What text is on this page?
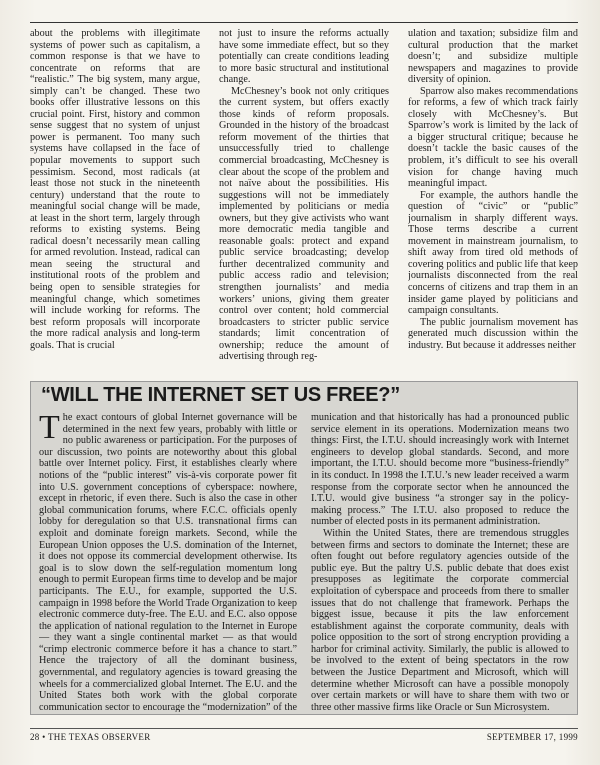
about the problems with illegitimate systems of power such as capitalism, a common response is that we have to concentrate on reforms that are “realistic.” The big system, many argue, simply can’t be changed. These two books offer illustrative lessons on this crucial point. First, history and common sense suggest that no system of unjust power is permanent. Too many such systems have collapsed in the face of popular movements to support such pessimism. Second, most radicals (at least those not stuck in the nineteenth century) understand that the route to meaningful social change will be made, at least in the short term, largely through reforms to existing systems. Being radical doesn’t necessarily mean calling for armed revolution. Instead, radical can mean seeing the structural and institutional roots of the problem and being open to sensible strategies for meaningful change, which sometimes will include working for reforms. The best reform proposals will incorporate the more radical analysis and long-term goals. That is crucial

not just to insure the reforms actually have some immediate effect, but so they potentially can create conditions leading to more basic structural and institutional change.

McChesney’s book not only critiques the current system, but offers exactly those kinds of reform proposals. Grounded in the history of the broadcast reform movement of the thirties that unsuccessfully tried to challenge commercial broadcasting, McChesney is clear about the scope of the problem and not naïve about the possibilities. His suggestions will not be immediately implemented by politicians or media owners, but they give activists who want more democratic media tangible and reasonable goals: protect and expand public service broadcasting; develop further decentralized community and public access radio and television; strengthen journalists’ and media workers’ unions, giving them greater control over content; hold commercial broadcasters to stricter public service standards; limit concentration of ownership; reduce the amount of advertising through reg-

ulation and taxation; subsidize film and cultural production that the market doesn’t; and subsidize multiple newspapers and magazines to provide diversity of opinion.

Sparrow also makes recommendations for reforms, a few of which track fairly closely with McChesney’s. But Sparrow’s work is limited by the lack of a bigger structural critique; because he doesn’t tackle the basic causes of the problem, it’s difficult to see his overall vision for change having much meaningful impact.

For example, the authors handle the question of “civic” or “public” journalism in sharply different ways. Those terms describe a current movement in mainstream journalism, to shift away from tired old methods of covering politics and public life that keep journalists disconnected from the real concerns of citizens and trap them in an insider game played by politicians and campaign consultants.

The public journalism movement has generated much discussion within the industry. But because it addresses neither

“WILL THE INTERNET SET US FREE?”

The exact contours of global Internet governance will be determined in the next few years, probably with little or no public awareness or participation. For the purposes of our discussion, two points are noteworthy about this global battle over Internet policy. First, it establishes clearly where notions of the “public interest” vis-à-vis corporate power fit into U.S. government conceptions of cyberspace: nowhere, except in rhetoric, if even there. Such is also the case in other global communication forums, where F.C.C. officials openly lobby for deregulation so that U.S. transnational firms can exploit and dominate foreign markets. Second, while the European Union opposes the U.S. domination of the Internet, it does not oppose its commercial development otherwise. Its goal is to slow down the self-regulation momentum long enough to permit European firms time to develop and be major participants. The E.U., for example, supported the U.S. campaign in 1998 before the World Trade Organization to keep electronic commerce duty-free. The E.U. and E.C. also oppose the application of national regulation to the Internet in Europe — they want a single continental market — as that would “crimp electronic commerce before it has a chance to start.” Hence the trajectory of all the dominant business, governmental, and regulatory agencies is toward greasing the wheels for a commercialized global Internet. The E.U. and the United States both work with the global corporate communication sector to encourage the “modernization” of the

munication and that historically has had a pronounced public service element in its operations. Modernization means two things: First, the I.T.U. should increasingly work with Internet engineers to develop global standards. Second, and more important, the I.T.U. should become more “business-friendly” in its conduct. In 1998 the I.T.U.’s new leader received a warm response from the corporate sector when he announced the I.T.U. would give business “a stronger say in the policy-making process.” The I.T.U. also proposed to reduce the number of elected posts in its permanent administration.

Within the United States, there are tremendous struggles between firms and sectors to dominate the Internet; these are often fought out before regulatory agencies outside of the public eye. But the paltry U.S. public debate that does exist presupposes as legitimate the corporate commercial exploitation of cyberspace and proceeds from there to smaller issues that do not challenge that framework. Perhaps the biggest issue, because it pits the law enforcement establishment against the corporate community, deals with police opposition to the sort of strong encryption providing a harbor for criminal activity. Similarly, the public is allowed to be involved to the extent of being spectators in the row between the Justice Department and Microsoft, which will determine whether Microsoft can have a possible monopoly over certain markets or will have to share them with two or three other massive firms like Oracle or Sun Microsystem.

28 • THE TEXAS OBSERVER	SEPTEMBER 17, 1999
